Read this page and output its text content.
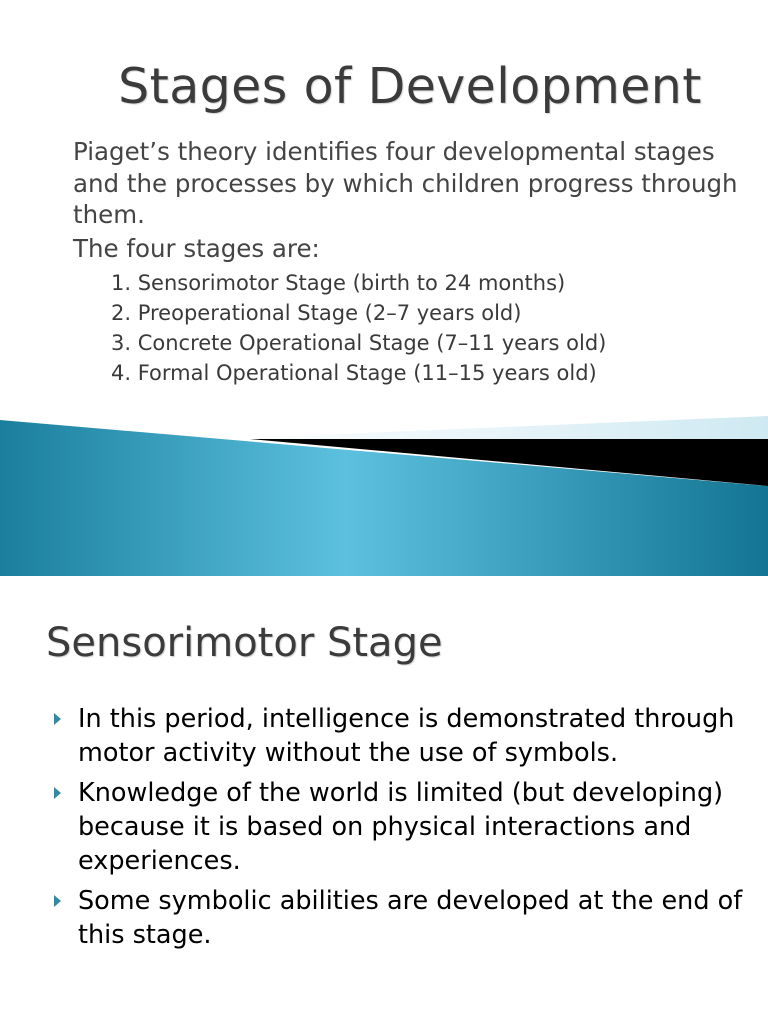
Stages of Development

Piaget’s theory identifies four developmental stages and the processes by which children progress through them.

The four stages are:

1. Sensorimotor Stage (birth to 24 months)
2. Preoperational Stage (2–7 years old)
3. Concrete Operational Stage (7–11 years old)
4. Formal Operational Stage (11–15 years old)
Sensorimotor Stage
In this period, intelligence is demonstrated through motor activity without the use of symbols.
Knowledge of the world is limited (but developing) because it is based on physical interactions and experiences.
Some symbolic abilities are developed at the end of this stage.
